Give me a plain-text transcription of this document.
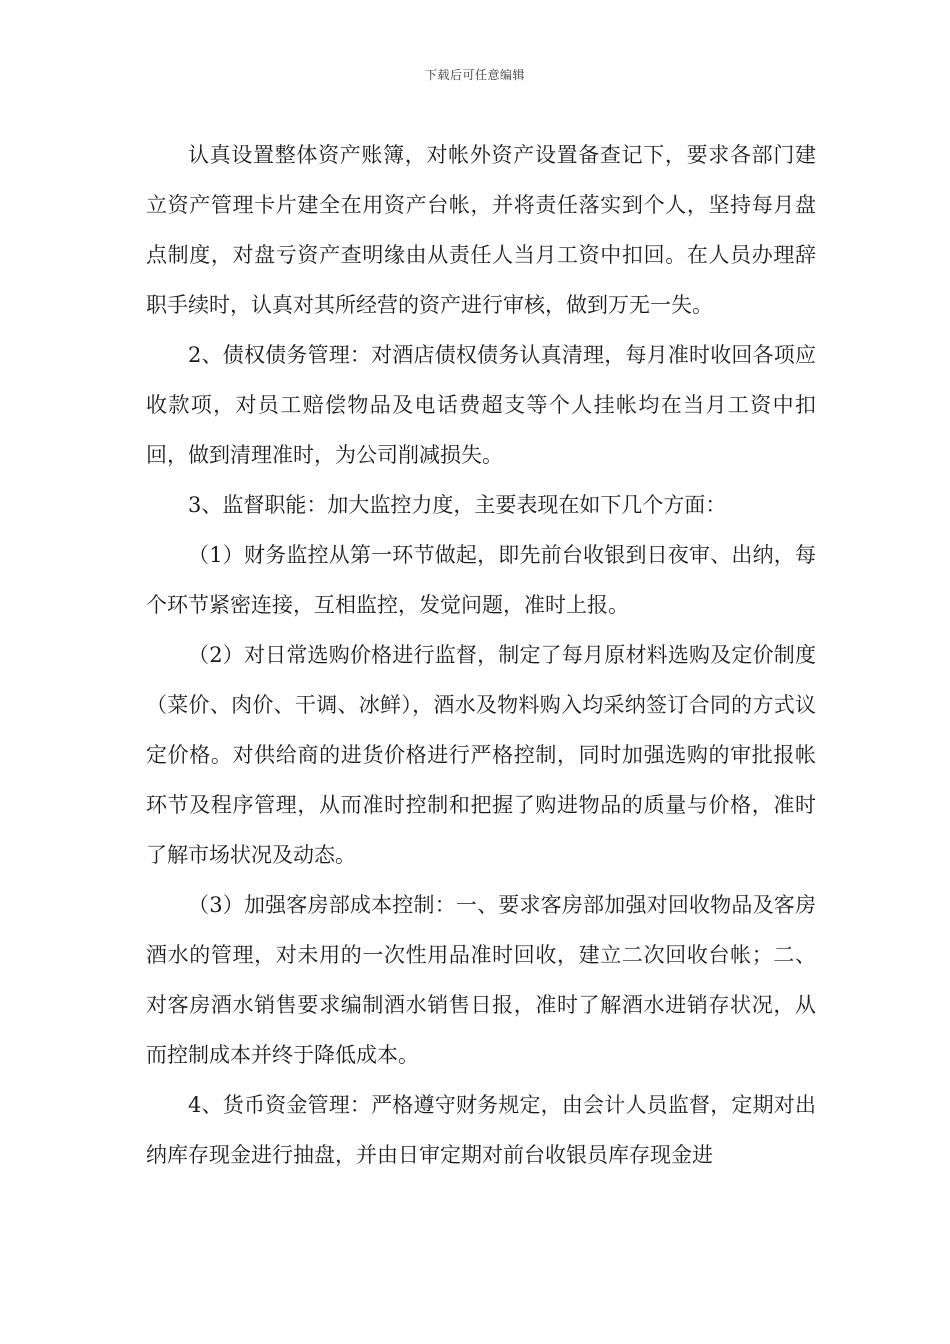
下载后可任意编辑

认真设置整体资产账簿，对帐外资产设置备查记下，要求各部门建立资产管理卡片建全在用资产台帐，并将责任落实到个人，坚持每月盘点制度，对盘亏资产查明缘由从责任人当月工资中扣回。在人员办理辞职手续时，认真对其所经营的资产进行审核，做到万无一失。

2、债权债务管理：对酒店债权债务认真清理，每月准时收回各项应收款项，对员工赔偿物品及电话费超支等个人挂帐均在当月工资中扣回，做到清理准时，为公司削减损失。

3、监督职能：加大监控力度，主要表现在如下几个方面：

（1）财务监控从第一环节做起，即先前台收银到日夜审、出纳，每个环节紧密连接，互相监控，发觉问题，准时上报。

（2）对日常选购价格进行监督，制定了每月原材料选购及定价制度（菜价、肉价、干调、冰鲜），酒水及物料购入均采纳签订合同的方式议定价格。对供给商的进货价格进行严格控制，同时加强选购的审批报帐环节及程序管理，从而准时控制和把握了购进物品的质量与价格，准时了解市场状况及动态。

（3）加强客房部成本控制：一、要求客房部加强对回收物品及客房酒水的管理，对未用的一次性用品准时回收，建立二次回收台帐；二、对客房酒水销售要求编制酒水销售日报，准时了解酒水进销存状况，从而控制成本并终于降低成本。

4、货币资金管理：严格遵守财务规定，由会计人员监督，定期对出纳库存现金进行抽盘，并由日审定期对前台收银员库存现金进
